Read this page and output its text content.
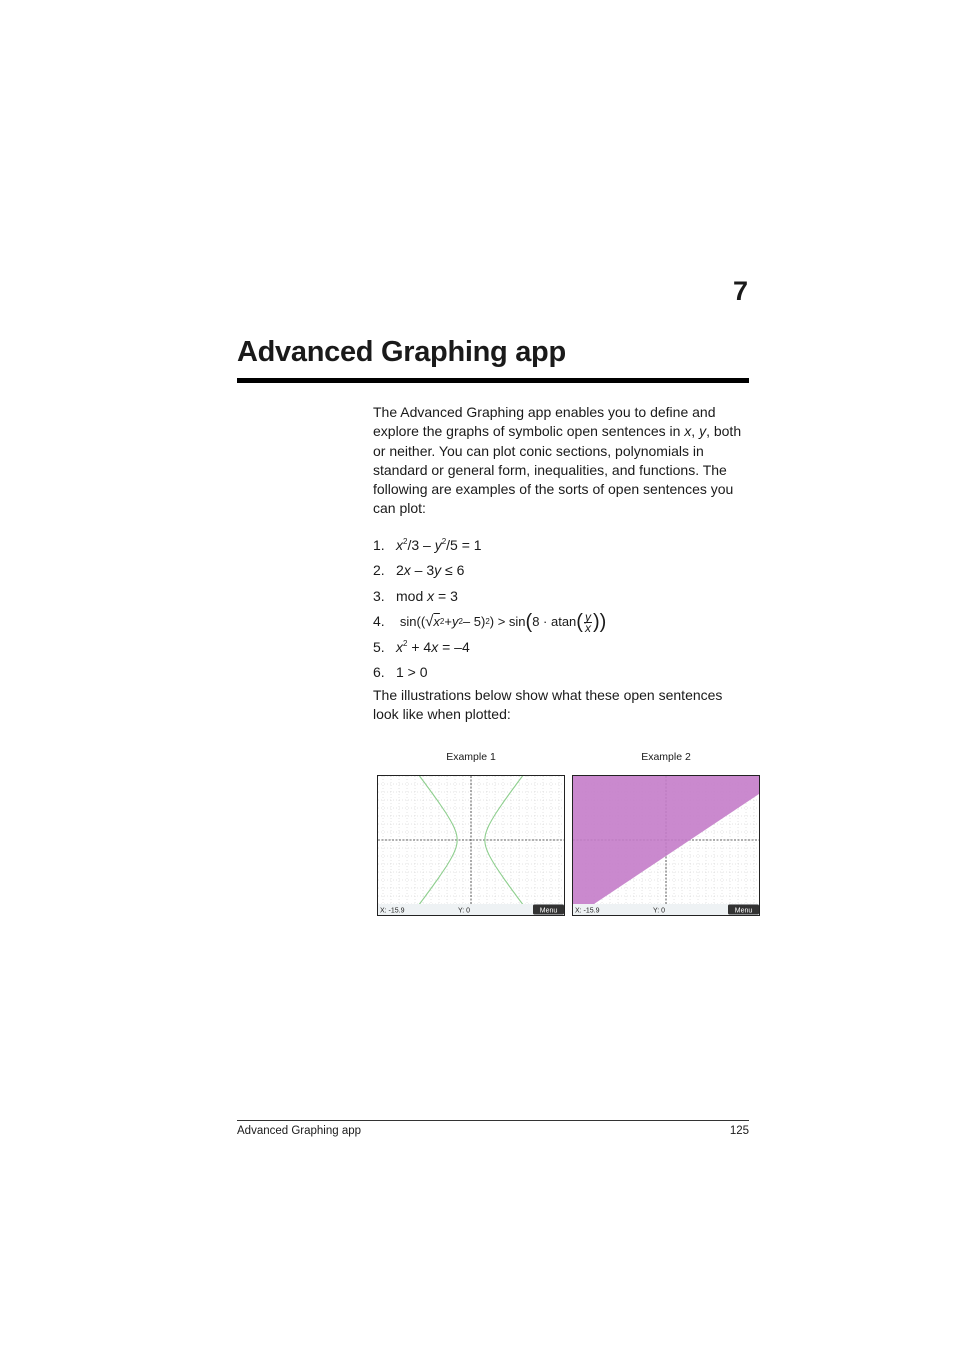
7
Advanced Graphing app

The Advanced Graphing app enables you to define and explore the graphs of symbolic open sentences in x, y, both or neither. You can plot conic sections, polynomials in standard or general form, inequalities, and functions. The following are examples of the sorts of open sentences you can plot:

1. $x^2/3 - y^2/5 = 1$
2. 2x – 3y ≤ 6
3. mod x = 3
4. sin(( √ x 2 + y 2 – 5) 2 ) > sin ( 8 · atan ( $\frac{y}{x}$ ))
5. $x^2 + 4x = -4$
6. 1 > 0

The illustrations below show what these open sentences look like when plotted:

Example 1	Example 2
X: -15.9	Y: 0	Menu	X: -15.9	Y: 0	Menu
Advanced Graphing app	125
